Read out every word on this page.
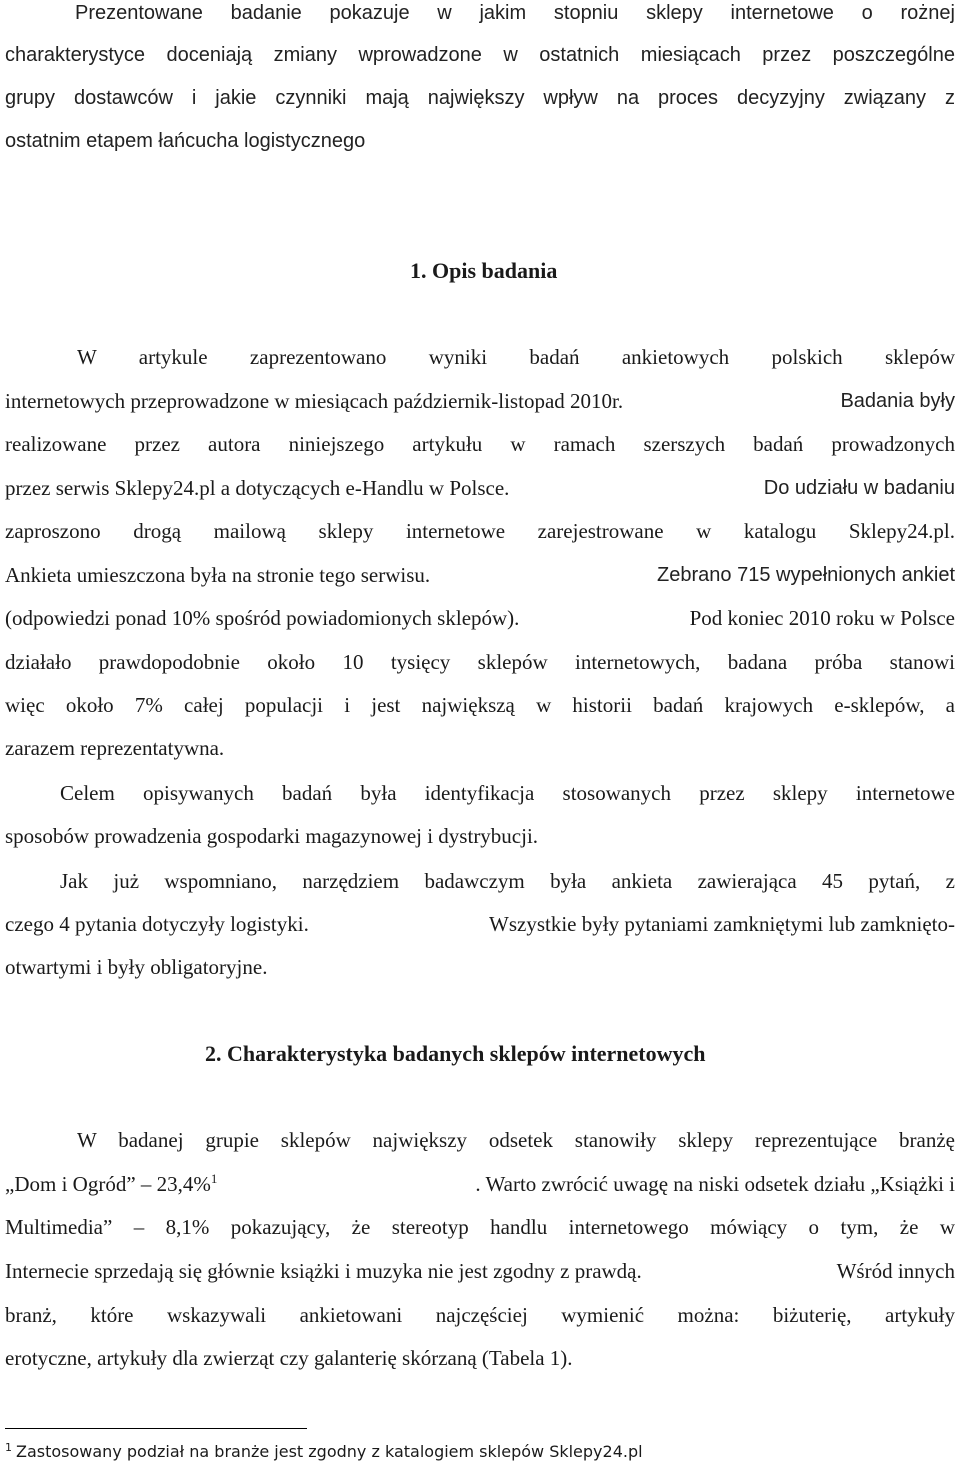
Prezentowane badanie pokazuje w jakim stopniu sklepy internetowe o rożnej
charakterystyce doceniają zmiany wprowadzone w ostatnich miesiącach przez poszczególne
grupy dostawców i jakie czynniki mają największy wpływ na proces decyzyjny związany z
ostatnim etapem łańcucha logistycznego
1. Opis badania
W artykule zaprezentowano wyniki badań ankietowych polskich sklepów
internetowych przeprowadzone w miesiącach październik-listopad 2010r.	Badania były
realizowane przez autora niniejszego artykułu w ramach szerszych badań prowadzonych
przez serwis Sklepy24.pl a dotyczących e-Handlu w Polsce.	Do udziału w badaniu
zaproszono drogą mailową sklepy internetowe zarejestrowane w katalogu Sklepy24.pl.
Ankieta umieszczona była na stronie tego serwisu.	Zebrano 715 wypełnionych ankiet
(odpowiedzi ponad 10% spośród powiadomionych sklepów).	Pod koniec 2010 roku w Polsce
działało prawdopodobnie około 10 tysięcy sklepów internetowych, badana próba stanowi
więc około 7% całej populacji i jest największą w historii badań krajowych e-sklepów, a
zarazem reprezentatywna.
Celem opisywanych badań była identyfikacja stosowanych przez sklepy internetowe
sposobów prowadzenia gospodarki magazynowej i dystrybucji.
Jak już wspomniano, narzędziem badawczym była ankieta zawierająca 45 pytań, z
czego 4 pytania dotyczyły logistyki.	Wszystkie były pytaniami zamkniętymi lub zamknięto-
otwartymi i były obligatoryjne.
2. Charakterystyka badanych sklepów internetowych
W badanej grupie sklepów największy odsetek stanowiły sklepy reprezentujące branżę
„Dom i Ogród” – 23,4%$^1$	. Warto zwrócić uwagę na niski odsetek działu „Książki i
Multimedia” – 8,1% pokazujący, że stereotyp handlu internetowego mówiący o tym, że w
Internecie sprzedają się głównie książki i muzyka nie jest zgodny z prawdą.	Wśród innych
branż, które wskazywali ankietowani najczęściej wymienić można: biżuterię, artykuły
erotyczne, artykuły dla zwierząt czy galanterię skórzaną (Tabela 1).
$^1$ Zastosowany podział na branże jest zgodny z katalogiem sklepów Sklepy24.pl
